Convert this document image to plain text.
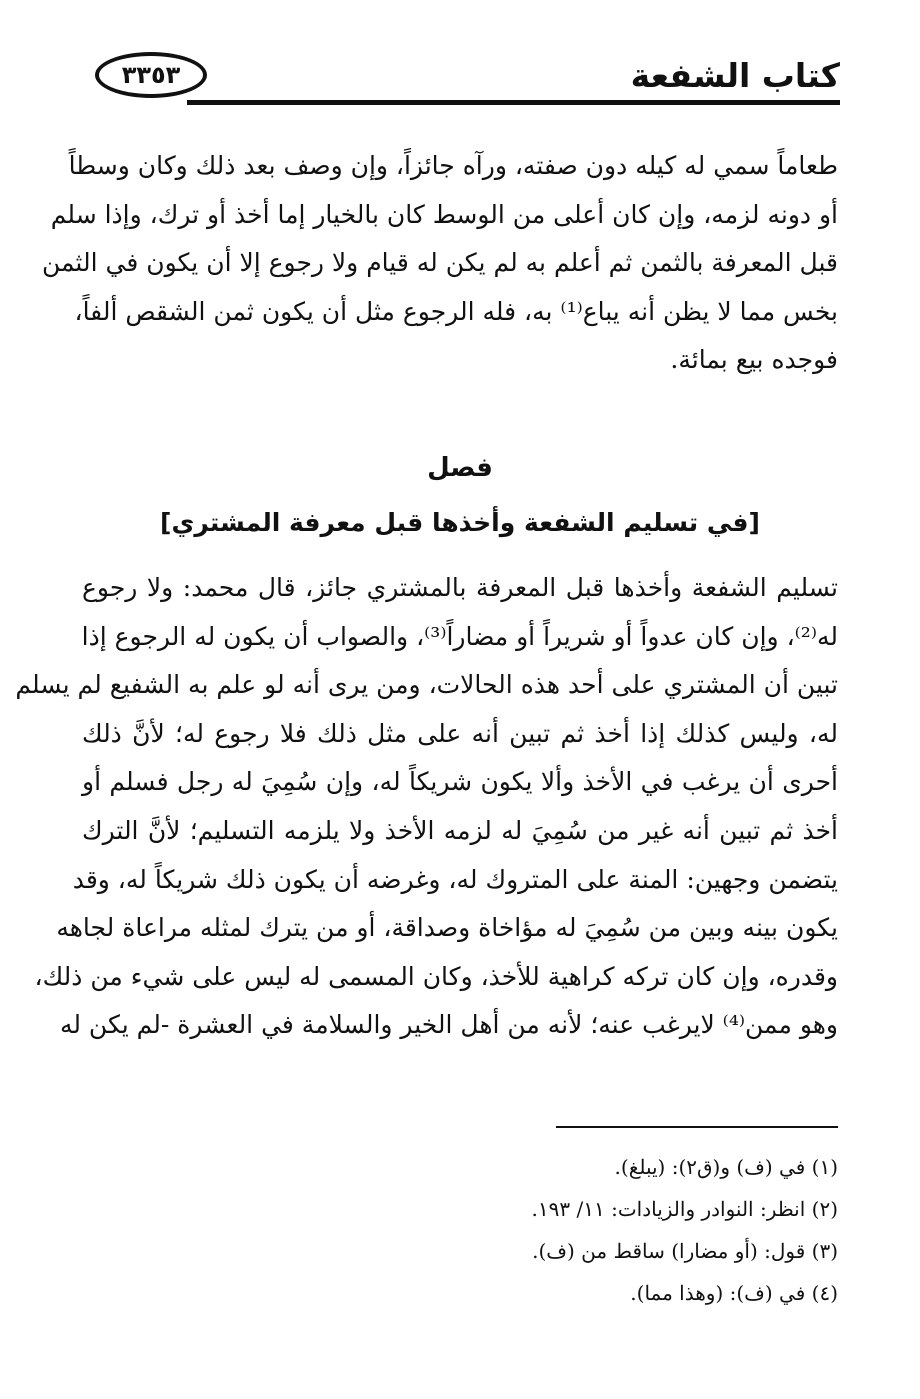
كتاب الشفعة
٣٣٥٣
طعاماً سمي له كيله دون صفته، ورآه جائزاً، وإن وصف بعد ذلك وكان وسطاً
أو دونه لزمه، وإن كان أعلى من الوسط كان بالخيار إما أخذ أو ترك، وإذا سلم
قبل المعرفة بالثمن ثم أعلم به لم يكن له قيام ولا رجوع إلا أن يكون في الثمن
بخس مما لا يظن أنه يباع⁽¹⁾ به، فله الرجوع مثل أن يكون ثمن الشقص ألفاً،
فوجده بيع بمائة.
فصل
[في تسليم الشفعة وأخذها قبل معرفة المشتري]
تسليم الشفعة وأخذها قبل المعرفة بالمشتري جائز، قال محمد: ولا رجوع
له⁽²⁾، وإن كان عدواً أو شريراً أو مضاراً⁽³⁾، والصواب أن يكون له الرجوع إذا
تبين أن المشتري على أحد هذه الحالات، ومن يرى أنه لو علم به الشفيع لم يسلم
له، وليس كذلك إذا أخذ ثم تبين أنه على مثل ذلك فلا رجوع له؛ لأنَّ ذلك
أحرى أن يرغب في الأخذ وألا يكون شريكاً له، وإن سُمِيَ له رجل فسلم أو
أخذ ثم تبين أنه غير من سُمِيَ له لزمه الأخذ ولا يلزمه التسليم؛ لأنَّ الترك
يتضمن وجهين: المنة على المتروك له، وغرضه أن يكون ذلك شريكاً له، وقد
يكون بينه وبين من سُمِيَ له مؤاخاة وصداقة، أو من يترك لمثله مراعاة لجاهه
وقدره، وإن كان تركه كراهية للأخذ، وكان المسمى له ليس على شيء من ذلك،
وهو ممن⁽⁴⁾ لايرغب عنه؛ لأنه من أهل الخير والسلامة في العشرة -لم يكن له
(١) في (ف) و(ق٢): (يبلغ).
(٢) انظر: النوادر والزيادات: ١١/ ١٩٣.
(٣) قول: (أو مضارا) ساقط من (ف).
(٤) في (ف): (وهذا مما).
